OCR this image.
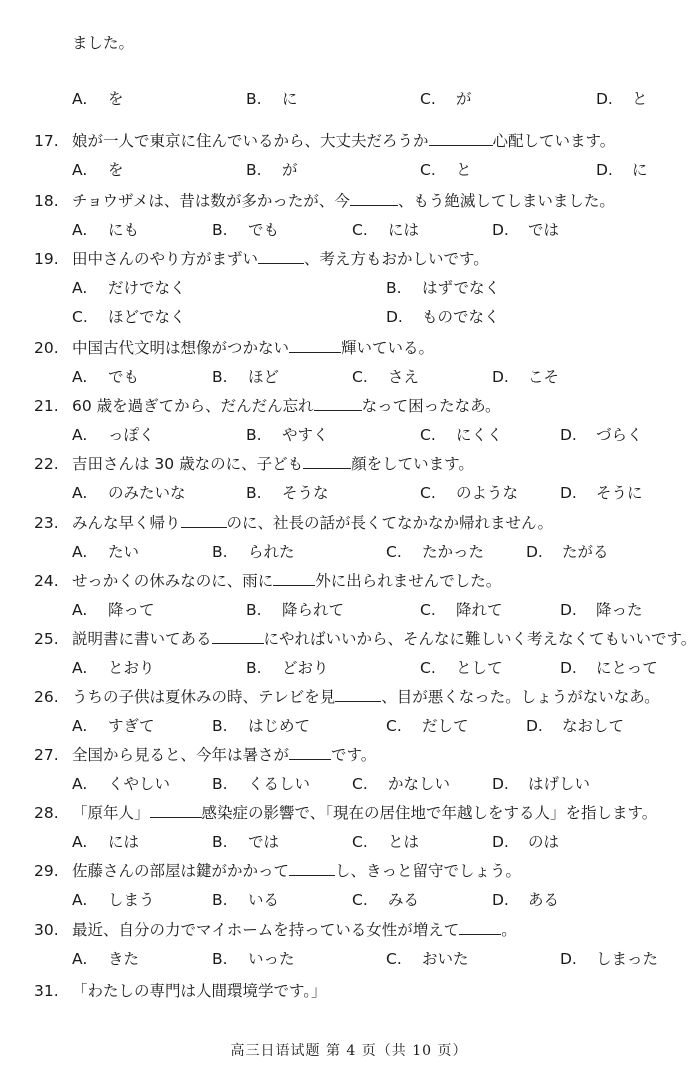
ました。
A. を	B. に	C. が	D. と
17. 娘が一人で東京に住んでいるから、大丈夫だろうか	心配しています。
A. を	B. が	C. と	D. に
18. チョウザメは、昔は数が多かったが、今	、もう絶滅してしまいました。
A. にも	B. でも	C. には	D. では
19. 田中さんのやり方がまずい	、考え方もおかしいです。
A. だけでなく	B. はずでなく
C. ほどでなく	D. ものでなく
20. 中国古代文明は想像がつかない	輝いている。
A. でも	B. ほど	C. さえ	D. こそ
21. 60 歳を過ぎてから、だんだん忘れ	なって困ったなあ。
A. っぽく	B. やすく	C. にくく	D. づらく
22. 吉田さんは 30 歳なのに、子ども	顔をしています。
A. のみたいな	B. そうな	C. のような	D. そうに
23. みんな早く帰り	のに、社長の話が長くてなかなか帰れません。
A. たい	B. られた	C. たかった	D. たがる
24. せっかくの休みなのに、雨に	外に出られませんでした。
A. 降って	B. 降られて	C. 降れて	D. 降った
25. 説明書に書いてある	にやればいいから、そんなに難しいく考えなくてもいいです。
A. とおり	B. どおり	C. として	D. にとって
26. うちの子供は夏休みの時、テレビを見	、目が悪くなった。しょうがないなあ。
A. すぎて	B. はじめて	C. だして	D. なおして
27. 全国から見ると、今年は暑さが	です。
A. くやしい	B. くるしい	C. かなしい	D. はげしい
28. 「原年人」	感染症の影響で、「現在の居住地で年越しをする人」を指します。
A. には	B. では	C. とは	D. のは
29. 佐藤さんの部屋は鍵がかかって	し、きっと留守でしょう。
A. しまう	B. いる	C. みる	D. ある
30. 最近、自分の力でマイホームを持っている女性が増えて	。
A. きた	B. いった	C. おいた	D. しまった
31. 「わたしの専門は人間環境学です。」
高三日语试题 第 4 页（共 10 页）
